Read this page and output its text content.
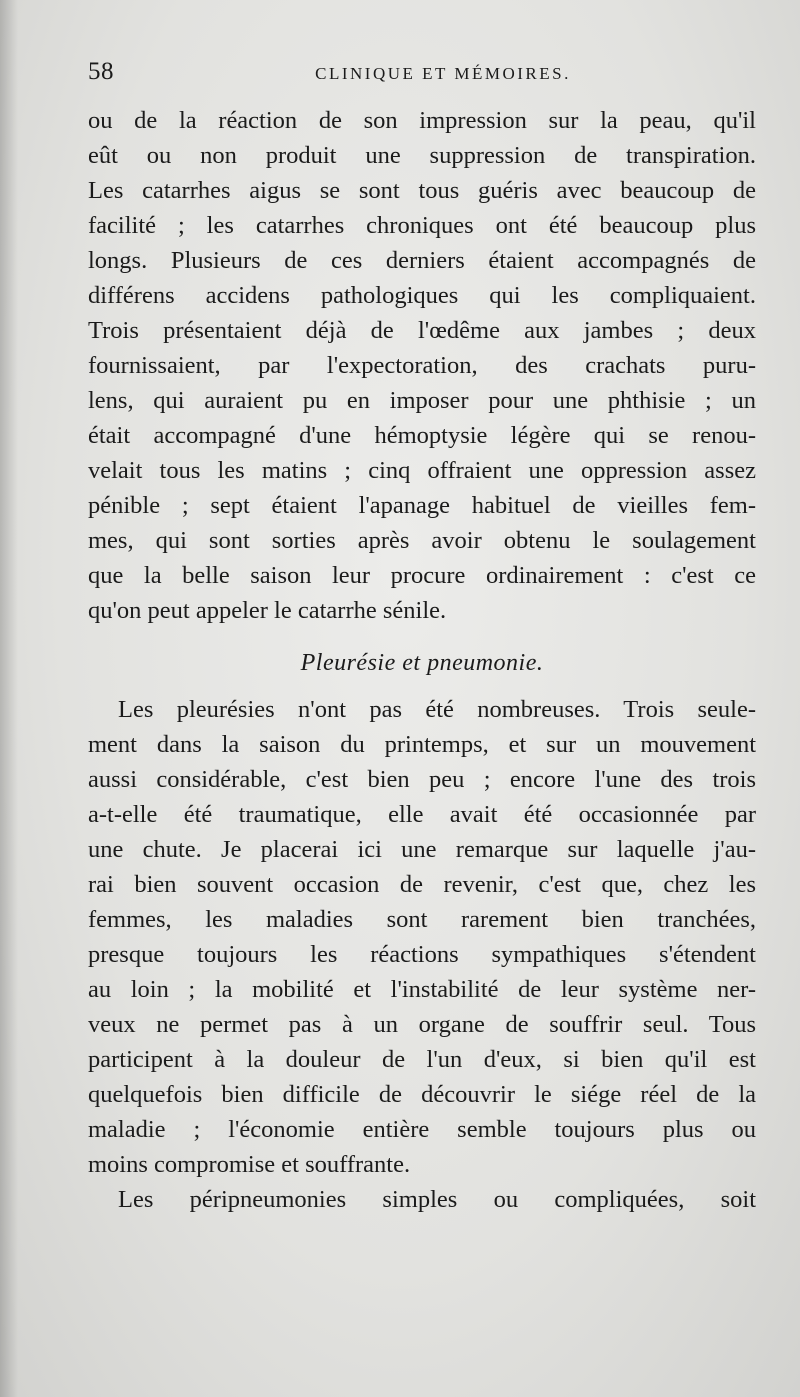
58	CLINIQUE ET MÉMOIRES.
ou de la réaction de son impression sur la peau, qu'il
eût ou non produit une suppression de transpiration.
Les catarrhes aigus se sont tous guéris avec beaucoup de
facilité ; les catarrhes chroniques ont été beaucoup plus
longs. Plusieurs de ces derniers étaient accompagnés de
différens accidens pathologiques qui les compliquaient.
Trois présentaient déjà de l'œdême aux jambes ; deux
fournissaient, par l'expectoration, des crachats puru-
lens, qui auraient pu en imposer pour une phthisie ; un
était accompagné d'une hémoptysie légère qui se renou-
velait tous les matins ; cinq offraient une oppression assez
pénible ; sept étaient l'apanage habituel de vieilles fem-
mes, qui sont sorties après avoir obtenu le soulagement
que la belle saison leur procure ordinairement : c'est ce
qu'on peut appeler le catarrhe sénile.
Pleurésie et pneumonie.
Les pleurésies n'ont pas été nombreuses. Trois seule-
ment dans la saison du printemps, et sur un mouvement
aussi considérable, c'est bien peu ; encore l'une des trois
a-t-elle été traumatique, elle avait été occasionnée par
une chute. Je placerai ici une remarque sur laquelle j'au-
rai bien souvent occasion de revenir, c'est que, chez les
femmes, les maladies sont rarement bien tranchées,
presque toujours les réactions sympathiques s'étendent
au loin ; la mobilité et l'instabilité de leur système ner-
veux ne permet pas à un organe de souffrir seul. Tous
participent à la douleur de l'un d'eux, si bien qu'il est
quelquefois bien difficile de découvrir le siége réel de la
maladie ; l'économie entière semble toujours plus ou
moins compromise et souffrante.
Les péripneumonies simples ou compliquées, soit
